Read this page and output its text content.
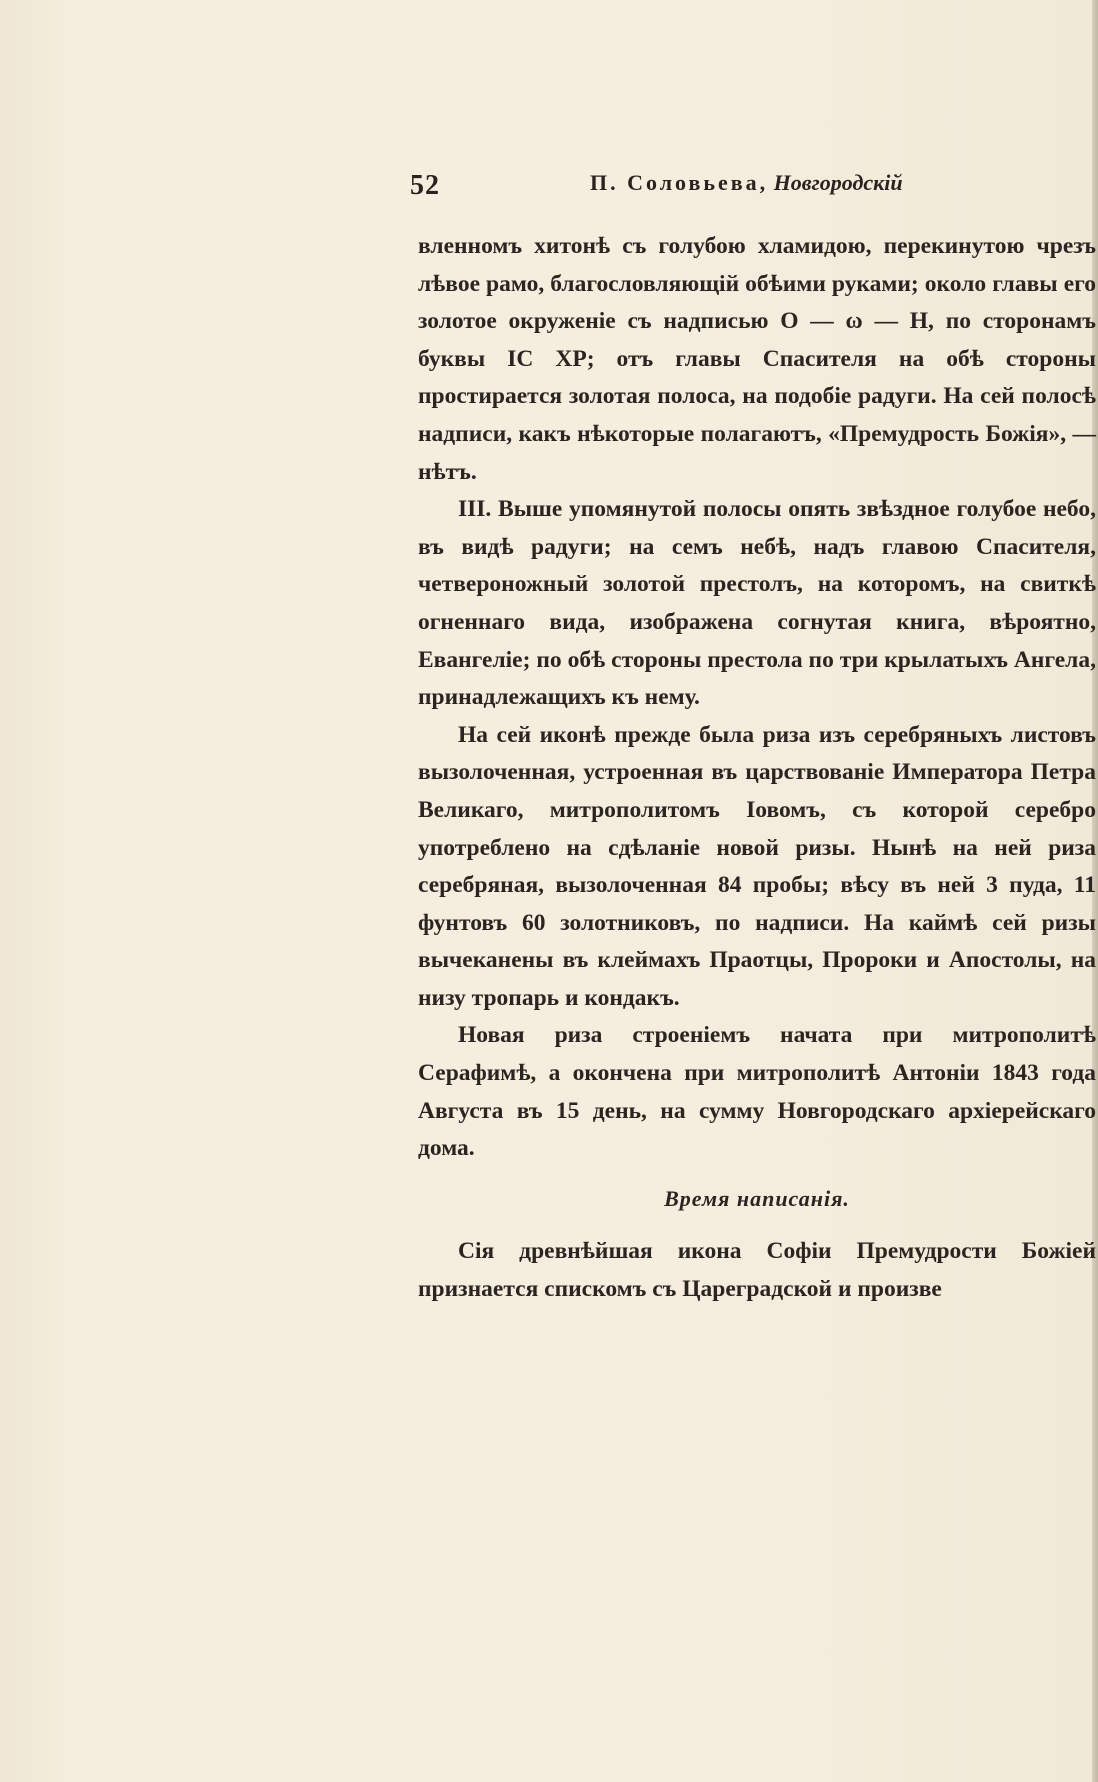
52	П. Соловьева, Новгородскій

вленномъ хитонѣ съ голубою хламидою, перекинутою чрезъ лѣвое рамо, благословляющій обѣими руками; около главы его золотое окруженіе съ надписью О — ω — Н, по сторонамъ буквы IC XP; отъ главы Спасителя на обѣ стороны простирается золотая полоса, на подобіе радуги. На сей полосѣ надписи, какъ нѣкоторые полагаютъ, «Премудрость Божія», — нѣтъ.

III. Выше упомянутой полосы опять звѣздное голубое небо, въ видѣ радуги; на семъ небѣ, надъ главою Спасителя, четвероножный золотой престолъ, на которомъ, на свиткѣ огненнаго вида, изображена согнутая книга, вѣроятно, Евангеліе; по обѣ стороны престола по три крылатыхъ Ангела, принадлежащихъ къ нему.

На сей иконѣ прежде была риза изъ серебряныхъ листовъ вызолоченная, устроенная въ царствованіе Императора Петра Великаго, митрополитомъ Іовомъ, съ которой серебро употреблено на сдѣланіе новой ризы. Нынѣ на ней риза серебряная, вызолоченная 84 пробы; вѣсу въ ней 3 пуда, 11 фунтовъ 60 золотниковъ, по надписи. На каймѣ сей ризы вычеканены въ клеймахъ Праотцы, Пророки и Апостолы, на низу тропарь и кондакъ.

Новая риза строеніемъ начата при митрополитѣ Серафимѣ, а окончена при митрополитѣ Антоніи 1843 года Августа въ 15 день, на сумму Новгородскаго архіерейскаго дома.

Время написанія.

Сія древнѣйшая икона Софіи Премудрости Божіей признается спискомъ съ Цареградской и произве
